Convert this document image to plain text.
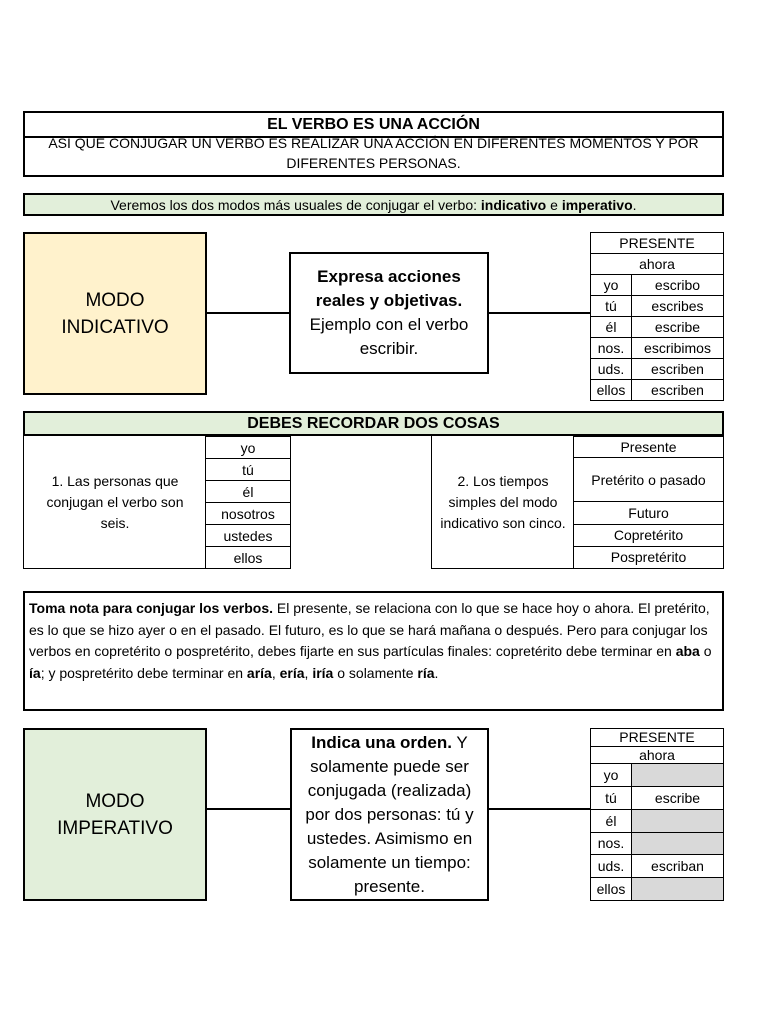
EL VERBO ES UNA ACCIÓN
ASÍ QUE CONJUGAR UN VERBO ES REALIZAR UNA ACCIÓN EN DIFERENTES MOMENTOS Y POR DIFERENTES PERSONAS.
Veremos los dos modos más usuales de conjugar el verbo: indicativo e imperativo.
MODO
INDICATIVO
Expresa acciones reales y objetivas. Ejemplo con el verbo escribir.
PRESENTE	
ahora	
yo	escribo
tú	escribes
él	escribe
nos.	escribimos
uds.	escriben
ellos	escriben
DEBES RECORDAR DOS COSAS
1. Las personas que conjugan el verbo son seis.
yo
tú
él
nosotros
ustedes
ellos
2. Los tiempos simples del modo indicativo son cinco.
Presente
Pretérito o pasado
Futuro
Copretérito
Pospretérito
Toma nota para conjugar los verbos. El presente, se relaciona con lo que se hace hoy o ahora. El pretérito, es lo que se hizo ayer o en el pasado. El futuro, es lo que se hará mañana o después. Pero para conjugar los verbos en copretérito o pospretérito, debes fijarte en sus partículas finales: copretérito debe terminar en aba o ía; y pospretérito debe terminar en aría, ería, iría o solamente ría.
MODO
IMPERATIVO
Indica una orden. Y solamente puede ser conjugada (realizada) por dos personas: tú y ustedes. Asimismo en solamente un tiempo: presente.
PRESENTE	
ahora	
yo	
tú	escribe
él	
nos.	
uds.	escriban
ellos	
